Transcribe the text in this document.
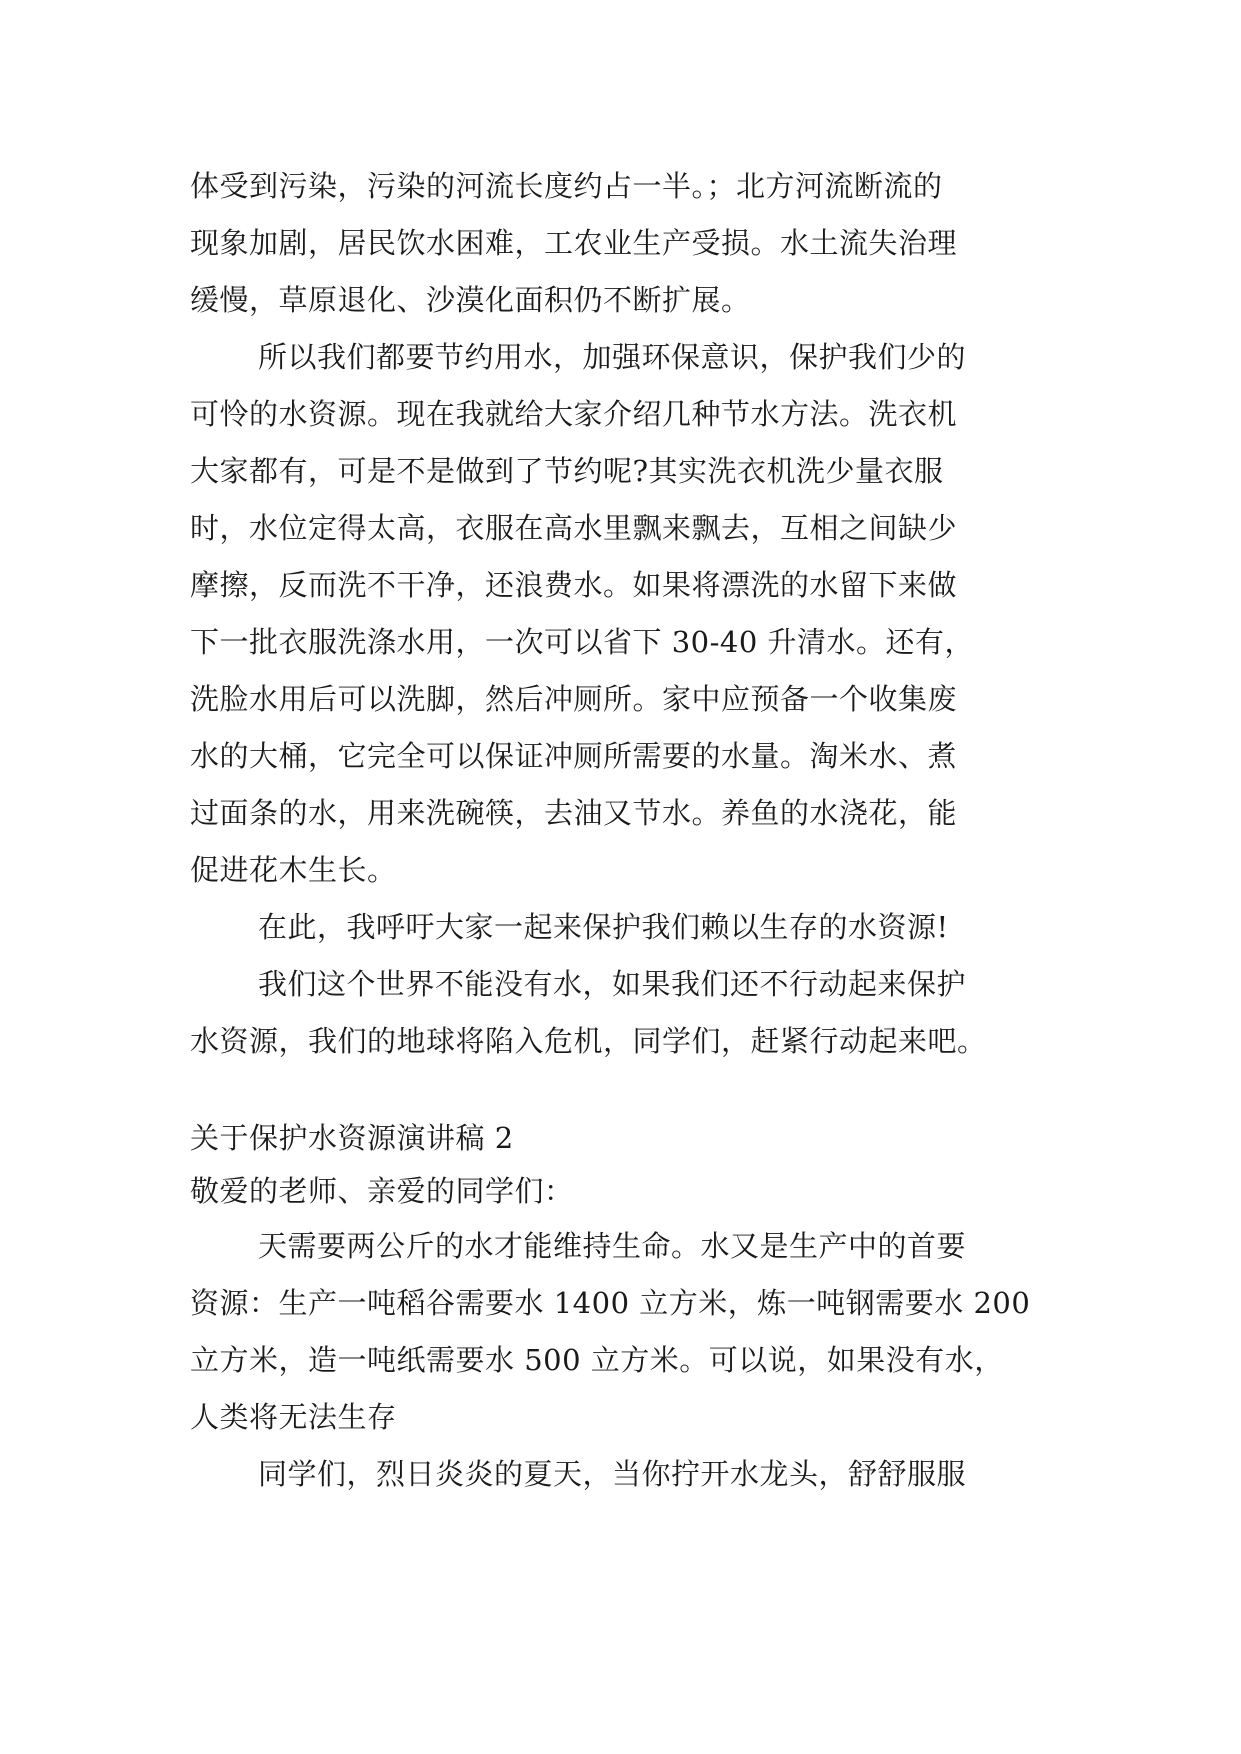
体受到污染，污染的河流长度约占一半。；北方河流断流的
现象加剧，居民饮水困难，工农业生产受损。水土流失治理
缓慢，草原退化、沙漠化面积仍不断扩展。
所以我们都要节约用水，加强环保意识，保护我们少的
可怜的水资源。现在我就给大家介绍几种节水方法。洗衣机
大家都有，可是不是做到了节约呢?其实洗衣机洗少量衣服
时，水位定得太高，衣服在高水里飘来飘去，互相之间缺少
摩擦，反而洗不干净，还浪费水。如果将漂洗的水留下来做
下一批衣服洗涤水用，一次可以省下 30-40 升清水。还有，
洗脸水用后可以洗脚，然后冲厕所。家中应预备一个收集废
水的大桶，它完全可以保证冲厕所需要的水量。淘米水、煮
过面条的水，用来洗碗筷，去油又节水。养鱼的水浇花，能
促进花木生长。
在此，我呼吁大家一起来保护我们赖以生存的水资源!
我们这个世界不能没有水，如果我们还不行动起来保护
水资源，我们的地球将陷入危机，同学们，赶紧行动起来吧。
关于保护水资源演讲稿 2
敬爱的老师、亲爱的同学们：
天需要两公斤的水才能维持生命。水又是生产中的首要
资源：生产一吨稻谷需要水 1400 立方米，炼一吨钢需要水 200
立方米，造一吨纸需要水 500 立方米。可以说，如果没有水，
人类将无法生存
同学们，烈日炎炎的夏天，当你拧开水龙头，舒舒服服
